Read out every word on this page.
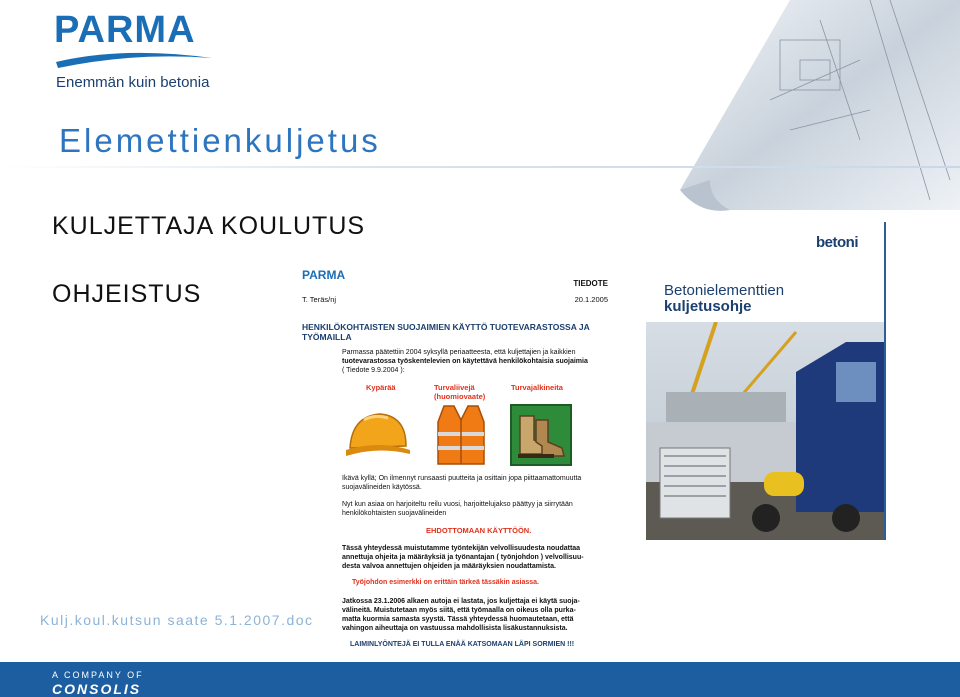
PARMA
Enemmän kuin betonia
Elemettienkuljetus
KULJETTAJA KOULUTUS
OHJEISTUS
PARMA
TIEDOTE
T. Teräs/nj	20.1.2005
HENKILÖKOHTAISTEN SUOJAIMIEN KÄYTTÖ TUOTEVARASTOSSA JA
TYÖMAILLA
Parmassa päätettiin 2004 syksyllä periaatteesta, että kuljettajien ja kaikkien
tuotevarastossa työskentelevien on käytettävä henkilökohtaisia suojaimia
( Tiedote 9.9.2004 ):
Kypärää	Turvaliivejä
(huomiovaate)
Turvajalkineita
Ikävä kyllä; On ilmennyt runsaasti puutteita ja osittain jopa piittaamattomuutta
suojavälineiden käytössä.
Nyt kun asiaa on harjoiteltu reilu vuosi, harjoittelujakso päättyy ja siirrytään
henkilökohtaisten suojavälineiden
EHDOTTOMAAN KÄYTTÖÖN.
Tässä yhteydessä muistutamme työntekijän velvollisuudesta noudattaa
annettuja ohjeita ja määräyksiä ja työnantajan ( työnjohdon ) velvollisuu-
desta valvoa annettujen ohjeiden ja määräyksien noudattamista.
Työjohdon esimerkki on erittäin tärkeä tässäkin asiassa.
Jatkossa 23.1.2006 alkaen autoja ei lastata, jos kuljettaja ei käytä suoja-
välineitä. Muistutetaan myös siitä, että työmaalla on oikeus olla purka-
matta kuormia samasta syystä. Tässä yhteydessä huomautetaan, että
vahingon aiheuttaja on vastuussa mahdollisista lisäkustannuksista.
LAIMINLYÖNTEJÄ EI TULLA ENÄÄ KATSOMAAN LÄPI SORMIEN !!!
betoni
Betonielementtien
kuljetusohje
Kulj.koul.kutsun saate 5.1.2007.doc
A COMPANY OF
CONSOLIS
